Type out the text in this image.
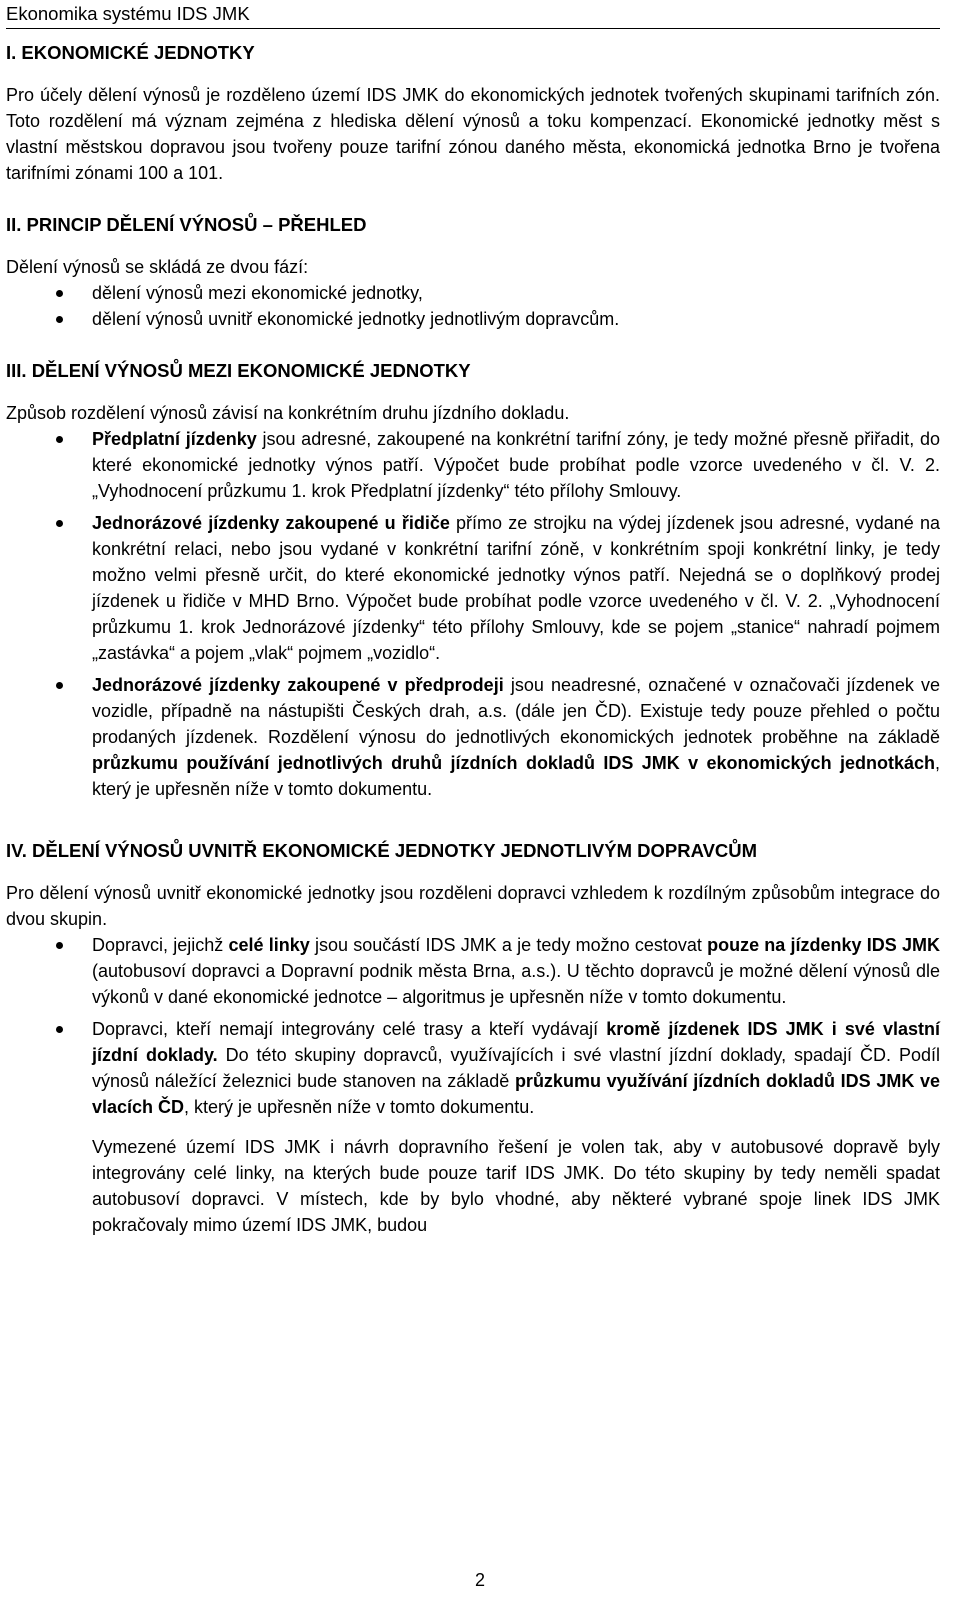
Ekonomika systému IDS JMK
I. EKONOMICKÉ JEDNOTKY

Pro účely dělení výnosů je rozděleno území IDS JMK do ekonomických jednotek tvořených skupinami tarifních zón. Toto rozdělení má význam zejména z hlediska dělení výnosů a toku kompenzací. Ekonomické jednotky měst s vlastní městskou dopravou jsou tvořeny pouze tarifní zónou daného města, ekonomická jednotka Brno je tvořena tarifními zónami 100 a 101.

II. PRINCIP DĚLENÍ VÝNOSŮ – PŘEHLED

Dělení výnosů se skládá ze dvou fází:

dělení výnosů mezi ekonomické jednotky,
dělení výnosů uvnitř ekonomické jednotky jednotlivým dopravcům.
III. DĚLENÍ VÝNOSŮ MEZI EKONOMICKÉ JEDNOTKY

Způsob rozdělení výnosů závisí na konkrétním druhu jízdního dokladu.

Předplatní jízdenky jsou adresné, zakoupené na konkrétní tarifní zóny, je tedy možné přesně přiřadit, do které ekonomické jednotky výnos patří. Výpočet bude probíhat podle vzorce uvedeného v čl. V. 2. „Vyhodnocení průzkumu 1. krok Předplatní jízdenky“ této přílohy Smlouvy.
Jednorázové jízdenky zakoupené u řidiče přímo ze strojku na výdej jízdenek jsou adresné, vydané na konkrétní relaci, nebo jsou vydané v konkrétní tarifní zóně, v konkrétním spoji konkrétní linky, je tedy možno velmi přesně určit, do které ekonomické jednotky výnos patří. Nejedná se o doplňkový prodej jízdenek u řidiče v MHD Brno. Výpočet bude probíhat podle vzorce uvedeného v čl. V. 2. „Vyhodnocení průzkumu 1. krok Jednorázové jízdenky“ této přílohy Smlouvy, kde se pojem „stanice“ nahradí pojmem „zastávka“ a pojem „vlak“ pojmem „vozidlo“.
Jednorázové jízdenky zakoupené v předprodeji jsou neadresné, označené v označovači jízdenek ve vozidle, případně na nástupišti Českých drah, a.s. (dále jen ČD). Existuje tedy pouze přehled o počtu prodaných jízdenek. Rozdělení výnosu do jednotlivých ekonomických jednotek proběhne na základě průzkumu používání jednotlivých druhů jízdních dokladů IDS JMK v ekonomických jednotkách, který je upřesněn níže v tomto dokumentu.
IV. DĚLENÍ VÝNOSŮ UVNITŘ EKONOMICKÉ JEDNOTKY JEDNOTLIVÝM DOPRAVCŮM

Pro dělení výnosů uvnitř ekonomické jednotky jsou rozděleni dopravci vzhledem k rozdílným způsobům integrace do dvou skupin.

Dopravci, jejichž celé linky jsou součástí IDS JMK a je tedy možno cestovat pouze na jízdenky IDS JMK (autobusoví dopravci a Dopravní podnik města Brna, a.s.). U těchto dopravců je možné dělení výnosů dle výkonů v dané ekonomické jednotce – algoritmus je upřesněn níže v tomto dokumentu.
Dopravci, kteří nemají integrovány celé trasy a kteří vydávají kromě jízdenek IDS JMK i své vlastní jízdní doklady. Do této skupiny dopravců, využívajících i své vlastní jízdní doklady, spadají ČD. Podíl výnosů náležící železnici bude stanoven na základě průzkumu využívání jízdních dokladů IDS JMK ve vlacích ČD, který je upřesněn níže v tomto dokumentu.

Vymezené území IDS JMK i návrh dopravního řešení je volen tak, aby v autobusové dopravě byly integrovány celé linky, na kterých bude pouze tarif IDS JMK. Do této skupiny by tedy neměli spadat autobusoví dopravci. V místech, kde by bylo vhodné, aby některé vybrané spoje linek IDS JMK pokračovaly mimo území IDS JMK, budou

2
